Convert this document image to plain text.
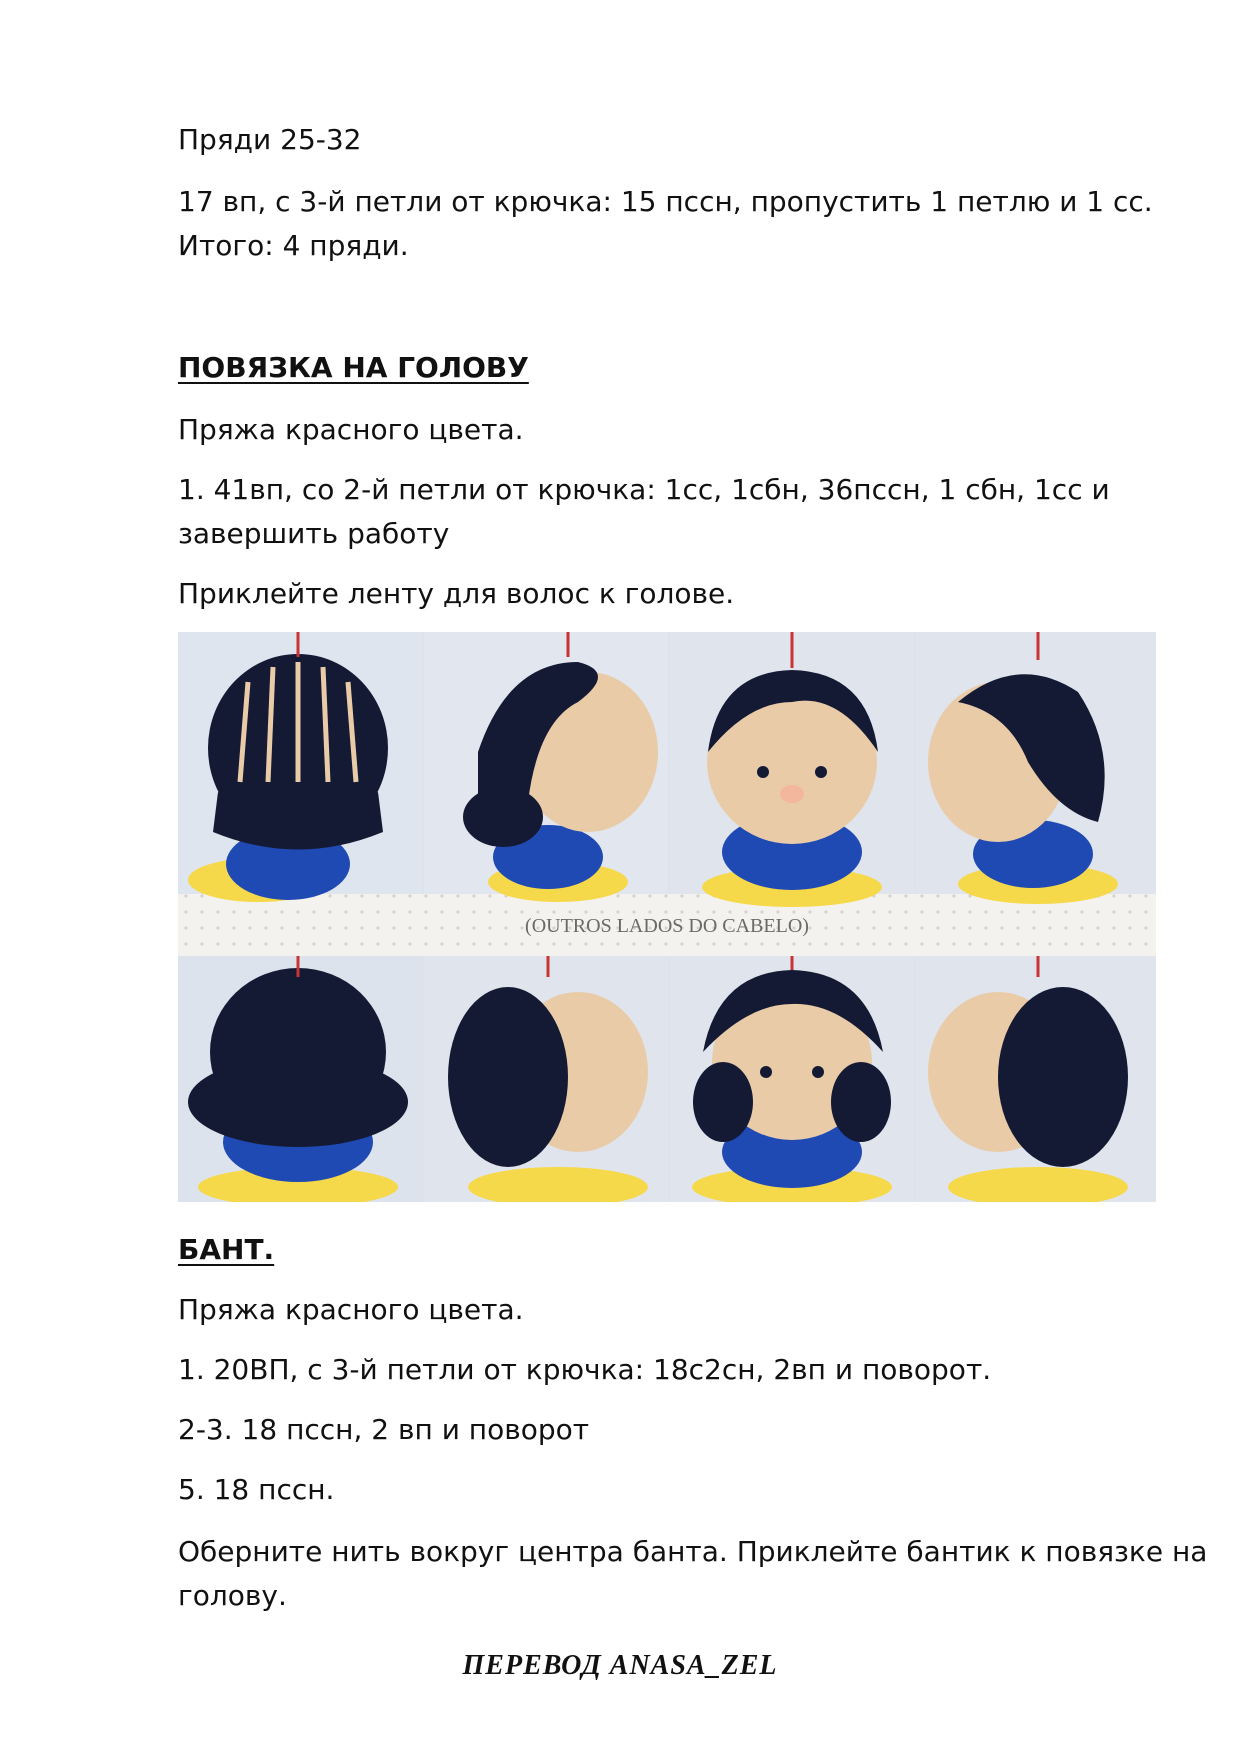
Пряди 25-32

17 вп, с 3-й петли от крючка: 15 пссн, пропустить 1 петлю и 1 сс.

Итого: 4 пряди.

ПОВЯЗКА НА ГОЛОВУ

Пряжа красного цвета.

1. 41вп, со 2-й петли от крючка: 1сс, 1сбн, 36пссн, 1 сбн, 1сс и

завершить работу

Приклейте ленту для волос к голове.

(OUTROS LADOS DO CABELO)

БАНТ.

Пряжа красного цвета.

1. 20ВП, с 3-й петли от крючка: 18с2сн, 2вп и поворот.

2-3. 18 пссн, 2 вп и поворот

5. 18 пссн.

Оберните нить вокруг центра банта. Приклейте бантик к повязке на

голову.

ПЕРЕВОД ANASA_ZEL
